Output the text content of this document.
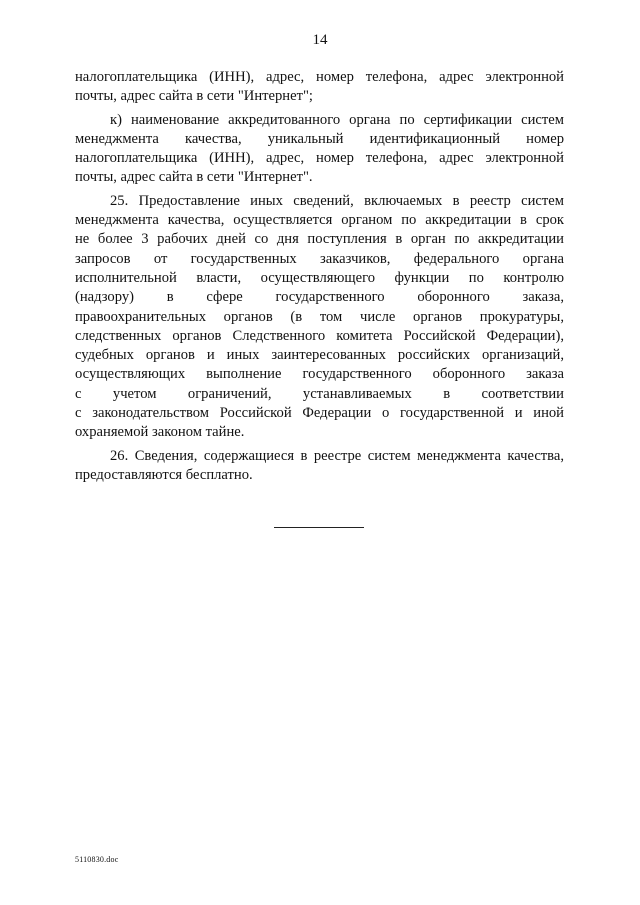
14
налогоплательщика (ИНН), адрес, номер телефона, адрес электронной
почты, адрес сайта в сети "Интернет";
к) наименование аккредитованного органа по сертификации систем
менеджмента качества, уникальный идентификационный номер
налогоплательщика (ИНН), адрес, номер телефона, адрес электронной
почты, адрес сайта в сети "Интернет".
25. Предоставление иных сведений, включаемых в реестр систем
менеджмента качества, осуществляется органом по аккредитации в срок
не более 3 рабочих дней со дня поступления в орган по аккредитации
запросов от государственных заказчиков, федерального органа
исполнительной власти, осуществляющего функции по контролю
(надзору) в сфере государственного оборонного заказа,
правоохранительных органов (в том числе органов прокуратуры,
следственных органов Следственного комитета Российской Федерации),
судебных органов и иных заинтересованных российских организаций,
осуществляющих выполнение государственного оборонного заказа
с учетом ограничений, устанавливаемых в соответствии
с законодательством Российской Федерации о государственной и иной
охраняемой законом тайне.
26. Сведения, содержащиеся в реестре систем менеджмента качества,
предоставляются бесплатно.
5110830.doc
